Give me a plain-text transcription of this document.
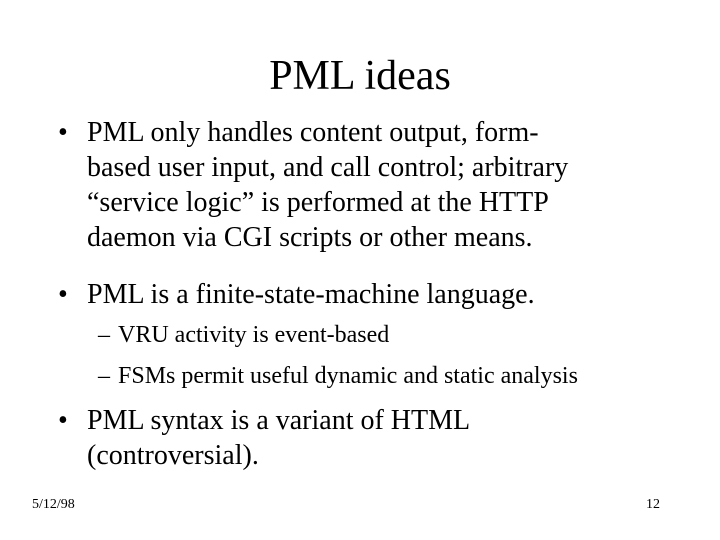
PML ideas
• PML only handles content output, form-
based user input, and call control; arbitrary
“service logic” is performed at the HTTP
daemon via CGI scripts or other means.
• PML is a finite-state-machine language.
– VRU activity is event-based
– FSMs permit useful dynamic and static analysis
• PML syntax is a variant of HTML
(controversial).
5/12/98	12
